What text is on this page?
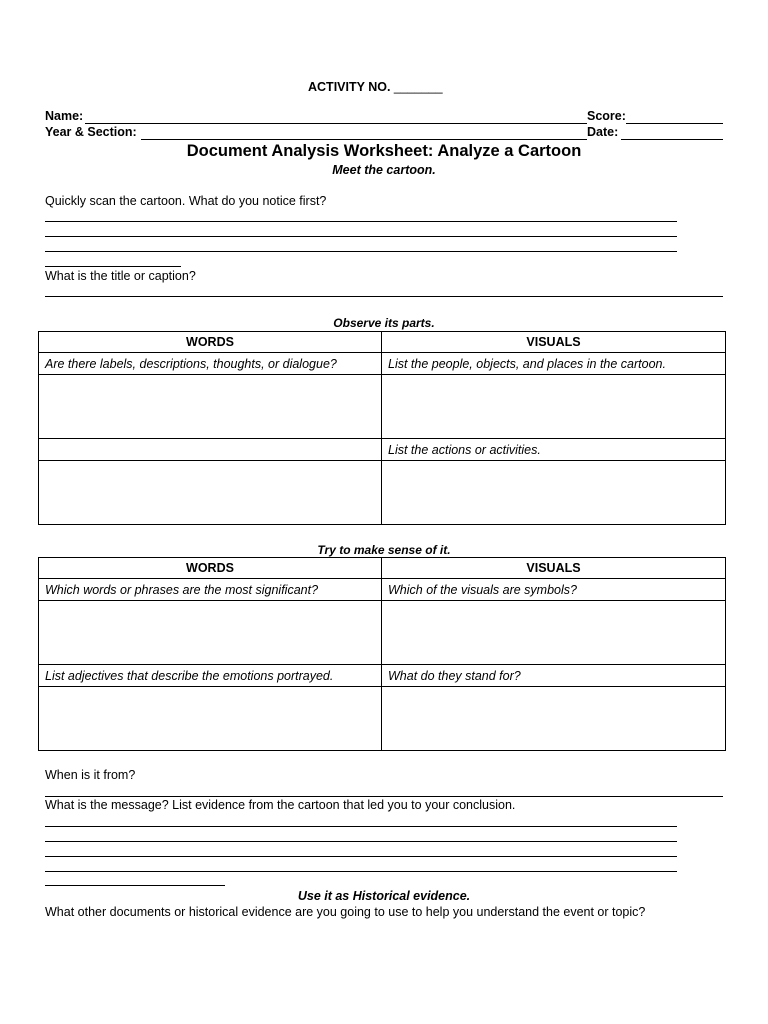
ACTIVITY NO. _______
Name:	Score:
Year & Section:	Date:
Document Analysis Worksheet: Analyze a Cartoon
Meet the cartoon.
Quickly scan the cartoon. What do you notice first?
What is the title or caption?
Observe its parts.
WORDS	VISUALS
Are there labels, descriptions, thoughts, or dialogue?	List the people, objects, and places in the cartoon.

	List the actions or activities.

Try to make sense of it.
WORDS	VISUALS
Which words or phrases are the most significant?	Which of the visuals are symbols?

List adjectives that describe the emotions portrayed.	What do they stand for?

When is it from?
What is the message? List evidence from the cartoon that led you to your conclusion.
Use it as Historical evidence.
What other documents or historical evidence are you going to use to help you understand the event or topic?
